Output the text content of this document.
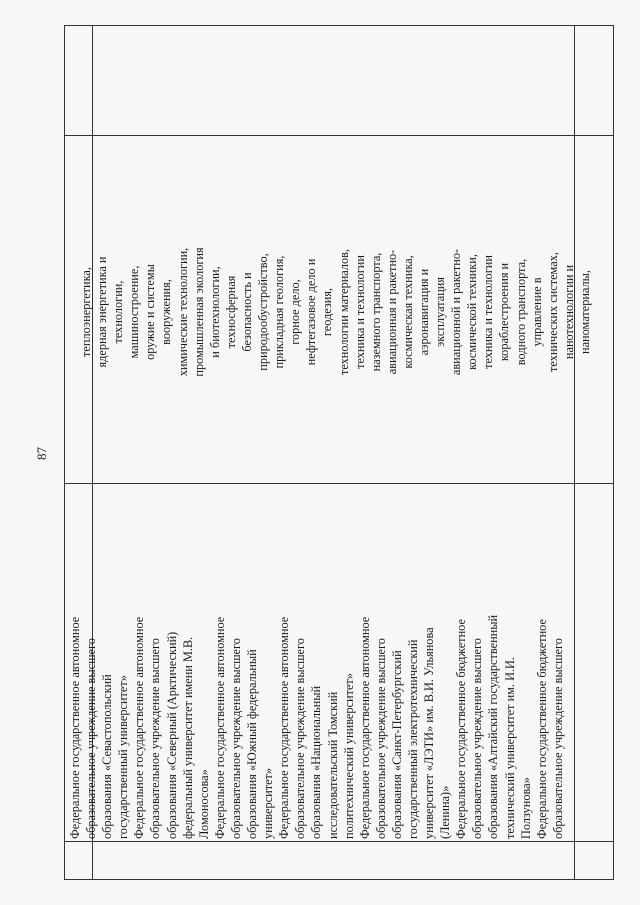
87
Федеральное государственное автономное образовательное учреждение высшего образования «Севастопольский государственный университет» Федеральное государственное автономное образовательное учреждение высшего образования «Северный (Арктический) федеральный университет имени М.В. Ломоносова» Федеральное государственное автономное образовательное учреждение высшего образования «Южный федеральный университет» Федеральное государственное автономное образовательное учреждение высшего образования «Национальный исследовательский Томский политехнический университет» Федеральное государственное автономное образовательное учреждение высшего образования «Санкт-Петербургский государственный электротехнический университет «ЛЭТИ» им. В.И. Ульянова (Ленина)» Федеральное государственное бюджетное образовательное учреждение высшего образования «Алтайский государственный технический университет им. И.И. Ползунова» Федеральное государственное бюджетное образовательное учреждение высшего
теплоэнергетика, ядерная энергетика и технологии, машиностроение, оружие и системы вооружения, химические технологии, промышленная экология и биотехнологии, техносферная безопасность и природообустройство, прикладная геология, горное дело, нефтегазовое дело и геодезия, технологии материалов, техника и технологии наземного транспорта, авиационная и ракетно- космическая техника, аэронавигация и эксплуатация авиационной и ракетно- космической техники, техника и технологии кораблестроения и водного транспорта, управление в технических системах, нанотехнологии и наноматериалы,
